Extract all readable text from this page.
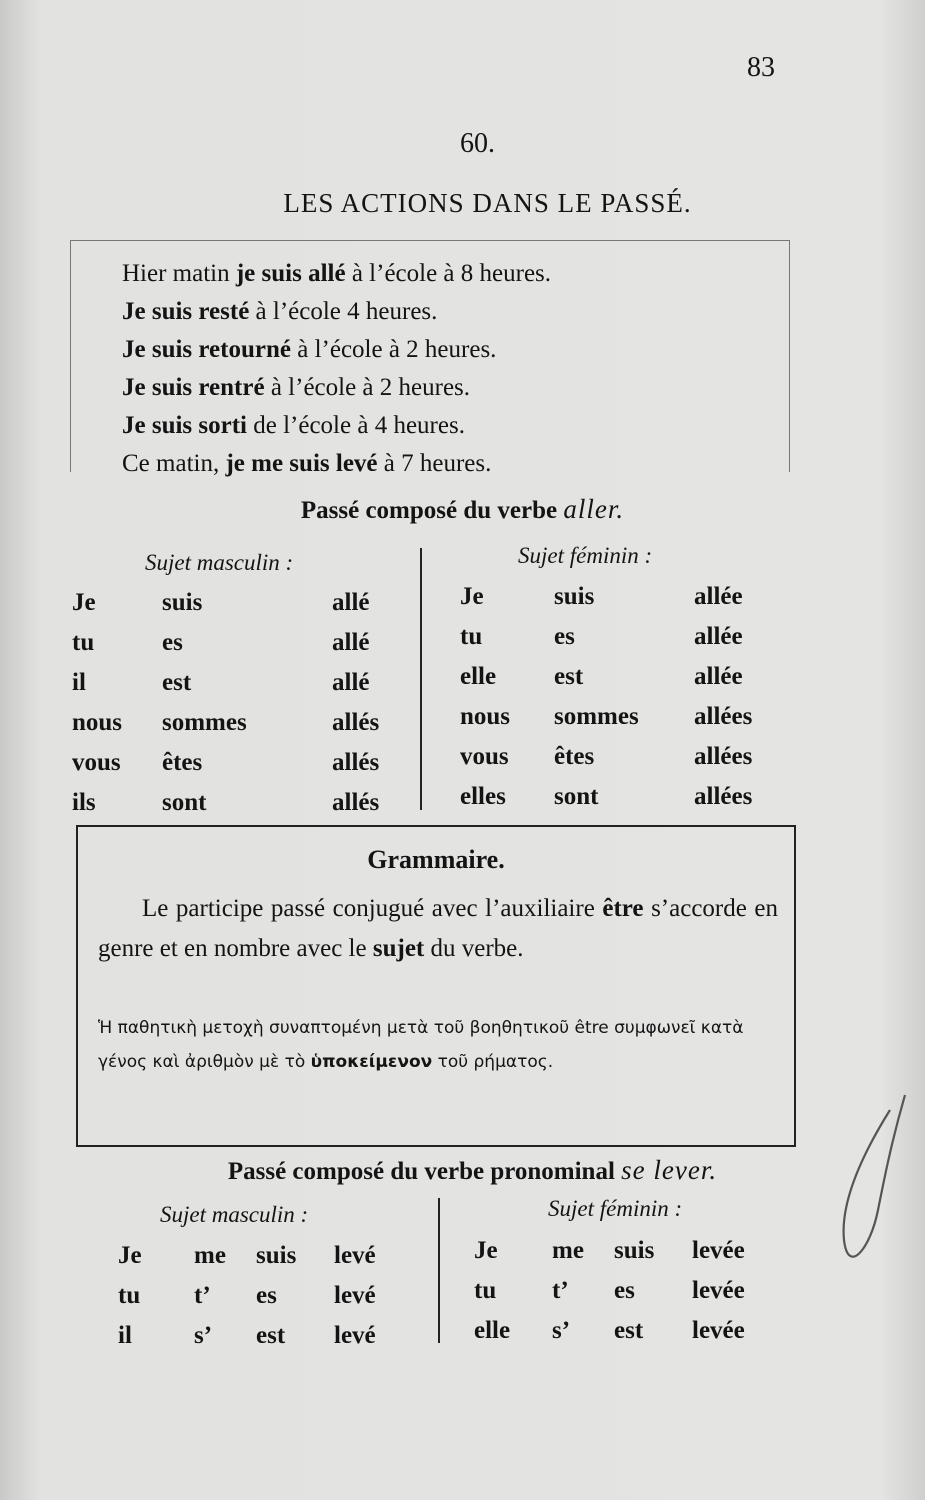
83
60.
LES ACTIONS DANS LE PASSÉ.
Hier matin je suis allé à l’école à 8 heures.
Je suis resté à l’école 4 heures.
Je suis retourné à l’école à 2 heures.
Je suis rentré à l’école à 2 heures.
Je suis sorti de l’école à 4 heures.
Ce matin, je me suis levé à 7 heures.
Passé composé du verbe aller.
Sujet masculin :	Sujet féminin :
Je	suis	allé
tu	es	allé
il	est	allé
nous	sommes	allés
vous	êtes	allés
ils	sont	allés
Je	suis	allée
tu	es	allée
elle	est	allée
nous	sommes	allées
vous	êtes	allées
elles	sont	allées
Grammaire.
Le participe passé conjugué avec l’auxiliaire être s’accorde en genre et en nombre avec le sujet du verbe.
Ἡ παθητικὴ μετοχὴ συναπτομένη μετὰ τοῦ βοηθητικοῦ être συμφωνεῖ κατὰ γένος καὶ ἀριθμὸν μὲ τὸ ὑποκείμενον τοῦ ρήματος.
Passé composé du verbe pronominal se lever.
Sujet masculin :	Sujet féminin :
Je	me	suis	levé
tu	t’	es	levé
il	s’	est	levé
Je	me	suis	levée
tu	t’	es	levée
elle	s’	est	levée
